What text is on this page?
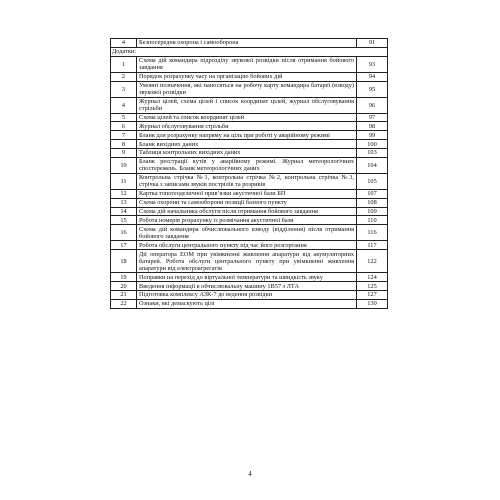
4	Безпосередня охорона і самооборона	91
Додатки:		
1	Схема дій командира підрозділу звукової розвідки після отримання бойового завдання	93
2	Порядок розрахунку часу на організацію бойових дій	94
3	Умовні позначення, які наносяться на робочу карту командира батареї (взводу) звукової розвідки	95
4	Журнал цілей, схема цілей і список координат цілей, журнал обслуговування стрільби	96
5	Схема цілей та список координат цілей	97
6	Журнал обслуговування стрільби	98
7	Бланк для розрахунку напряму на ціль при роботі у аварійному режимі	99
8	Бланк вихідних даних	100
9	Таблиця контрольних вихідних даних	103
10	Бланк реєстрації кутів у аварійному режимі. Журнал метеорологічних спостережень. Бланк метеорологічних даних	104
11	Контрольна стрічка №1, контрольна стрічка №2, контрольна стрічка №3, стрічка з записами звуків пострілів та розривів	105
12	Картка топогеодезичної прив’язки акустичної бази БП	107
13	Схема охорони та самооборони позиції базного пункту	108
14	Схема дій начальника обслуги після отримання бойового завдання	109
15	Робота номерів розрахунку із розмічання акустичної бази	110
16	Схема дій командира обчислювального взводу (відділення) після отримання бойового завдання	116
17	Робота обслуги центрального пункту під час його розгортання	117
18	Дії оператора ЕОМ при увімкненні живлення апаратури від акумуляторних батарей. Робота обслуги центрального пункту при увімкненні живлення апаратури від електроагрегатів	122
19	Поправки на перехід до віртуальної температури та швидкість звуку	124
20	Введення інформації в обчислювальну машину 1В57 з ЛТА	125
21	Підготовка комплексу АЗК-7 до ведення розвідки	127
22	Ознаки, які демаскують цілі	130
4
